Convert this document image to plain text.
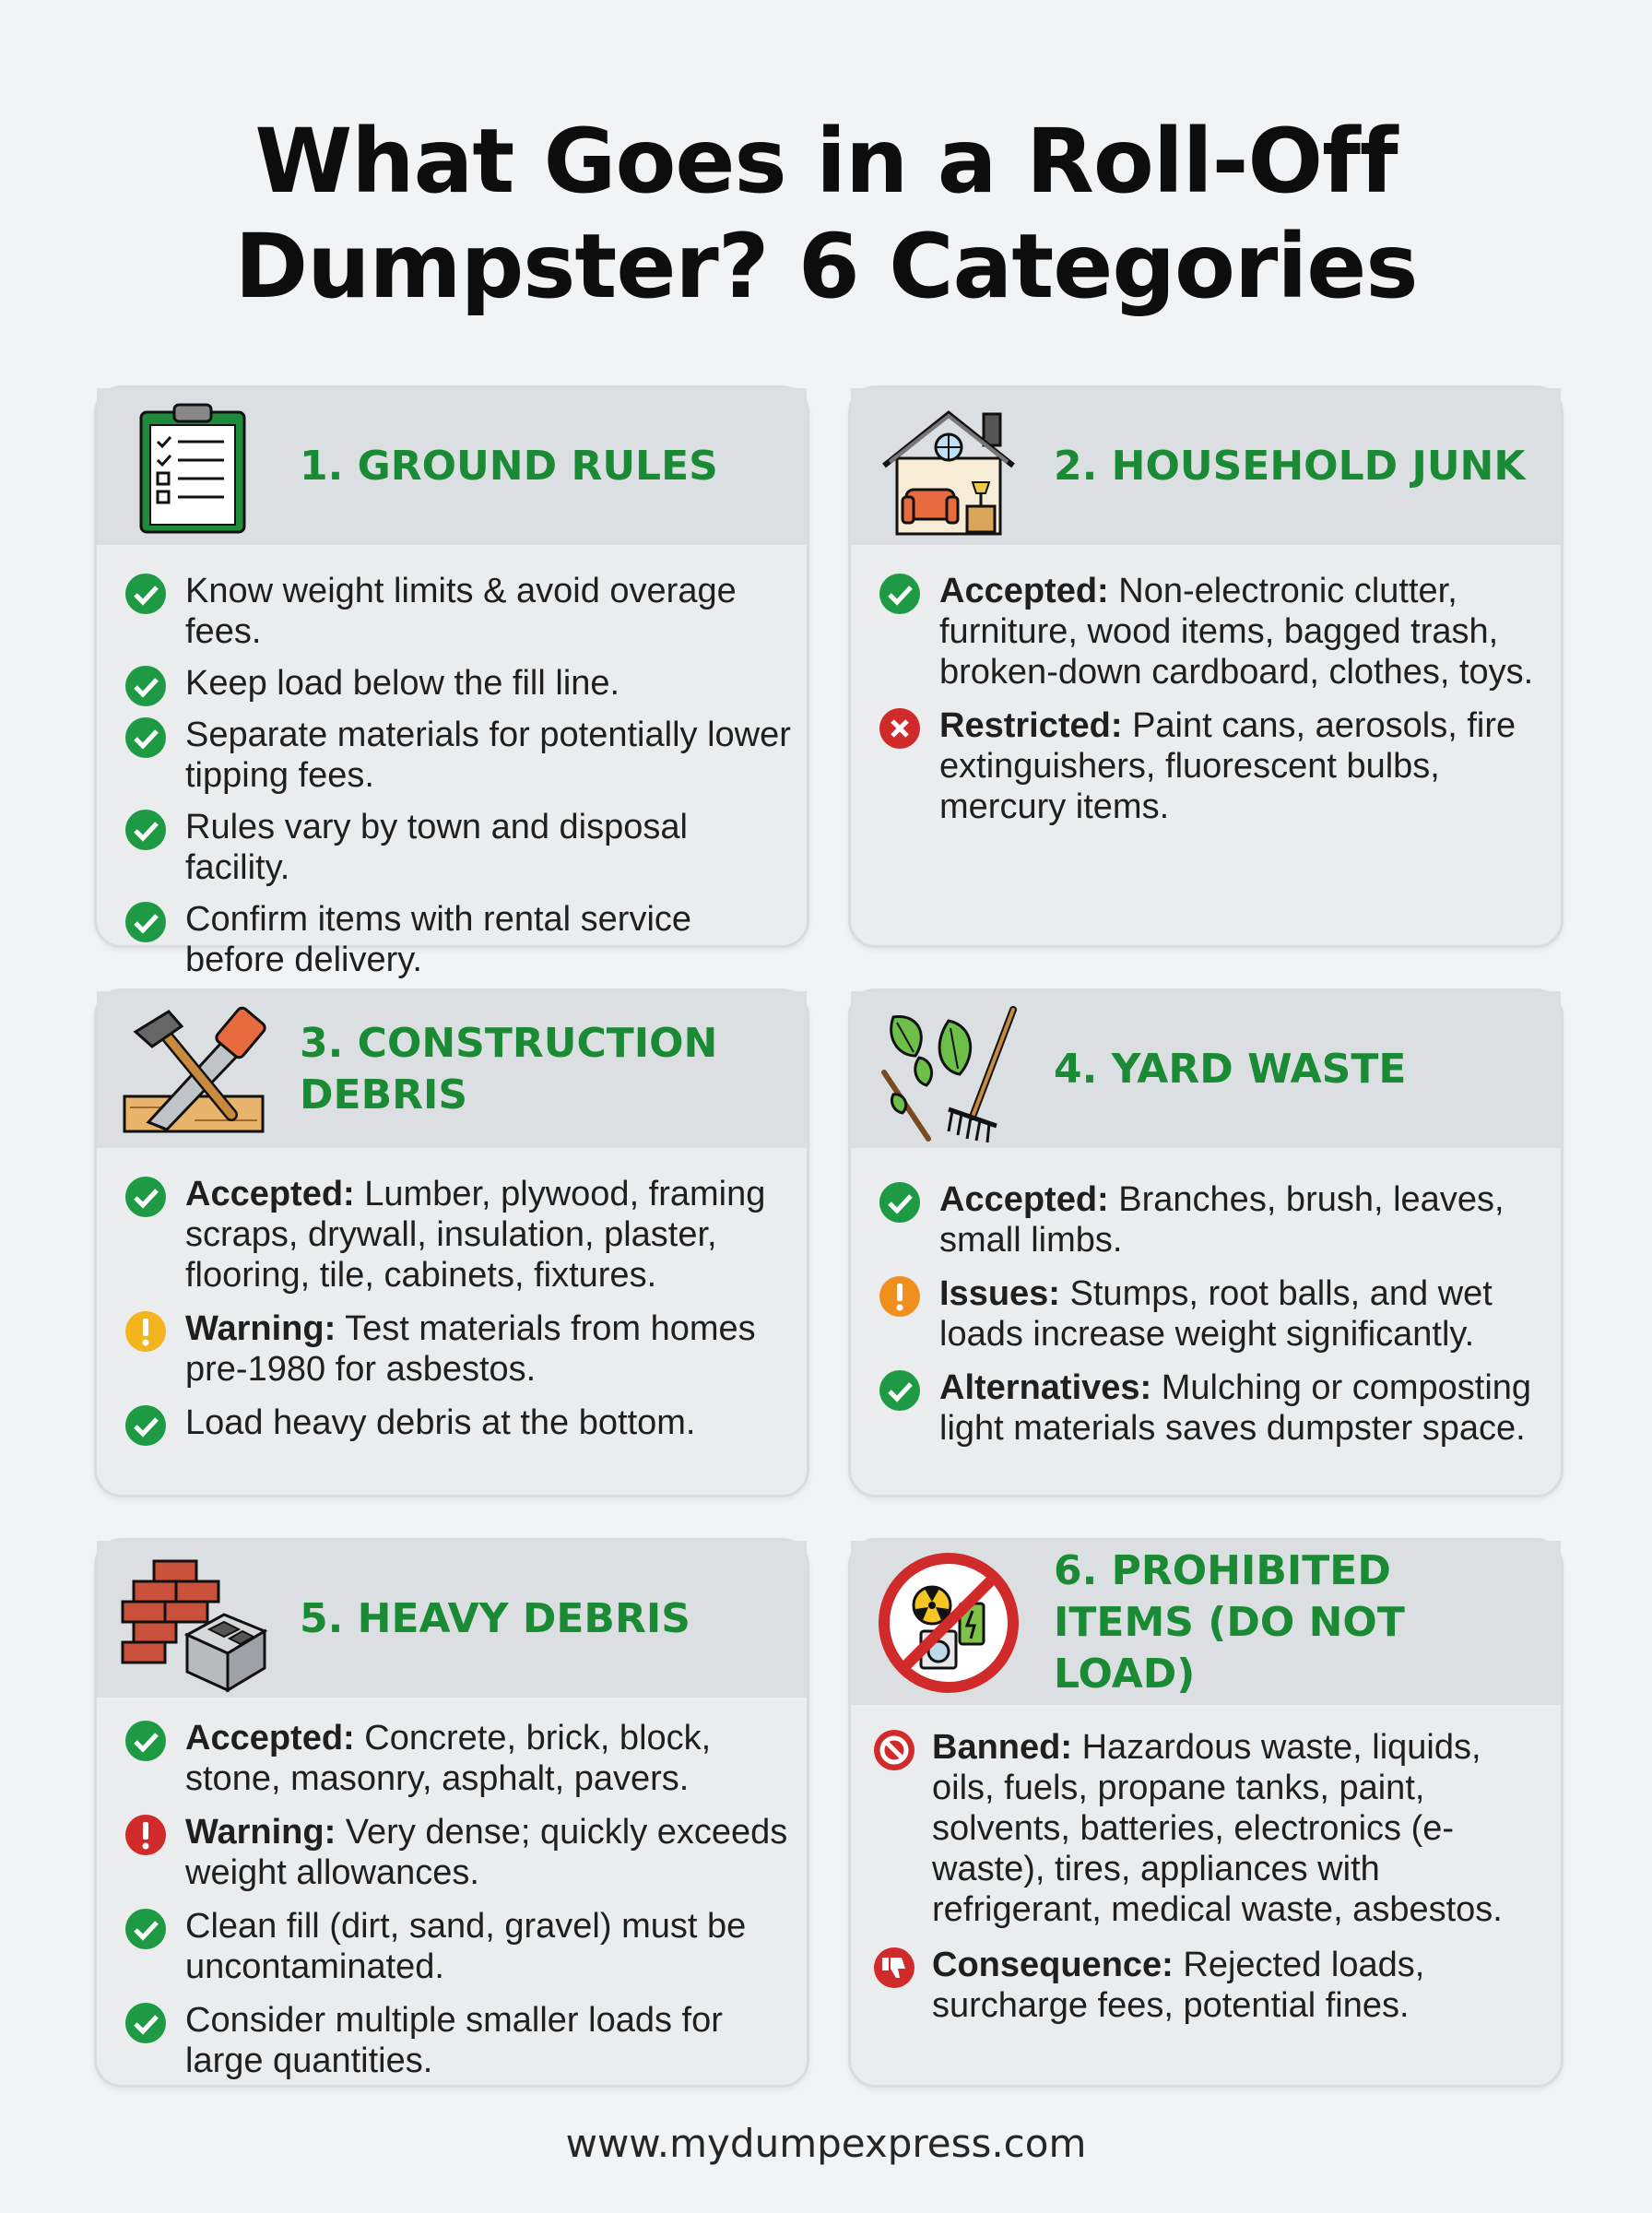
What Goes in a Roll-Off
Dumpster? 6 Categories
1. GROUND RULES
Know weight limits & avoid overage fees.
Keep load below the fill line.
Separate materials for potentially lower tipping fees.
Rules vary by town and disposal facility.
Confirm items with rental service before delivery.
2. HOUSEHOLD JUNK
Accepted: Non-electronic clutter, furniture, wood items, bagged trash, broken-down cardboard, clothes, toys.
Restricted: Paint cans, aerosols, fire extinguishers, fluorescent bulbs, mercury items.
3. CONSTRUCTION DEBRIS
Accepted: Lumber, plywood, framing scraps, drywall, insulation, plaster, flooring, tile, cabinets, fixtures.
Warning: Test materials from homes pre-1980 for asbestos.
Load heavy debris at the bottom.
4. YARD WASTE
Accepted: Branches, brush, leaves, small limbs.
Issues: Stumps, root balls, and wet loads increase weight significantly.
Alternatives: Mulching or composting light materials saves dumpster space.
5. HEAVY DEBRIS
Accepted: Concrete, brick, block, stone, masonry, asphalt, pavers.
Warning: Very dense; quickly exceeds weight allowances.
Clean fill (dirt, sand, gravel) must be uncontaminated.
Consider multiple smaller loads for large quantities.
6. PROHIBITED ITEMS (DO NOT LOAD)
Banned: Hazardous waste, liquids, oils, fuels, propane tanks, paint, solvents, batteries, electronics (e-waste), tires, appliances with refrigerant, medical waste, asbestos.
Consequence: Rejected loads, surcharge fees, potential fines.
www.mydumpexpress.com
